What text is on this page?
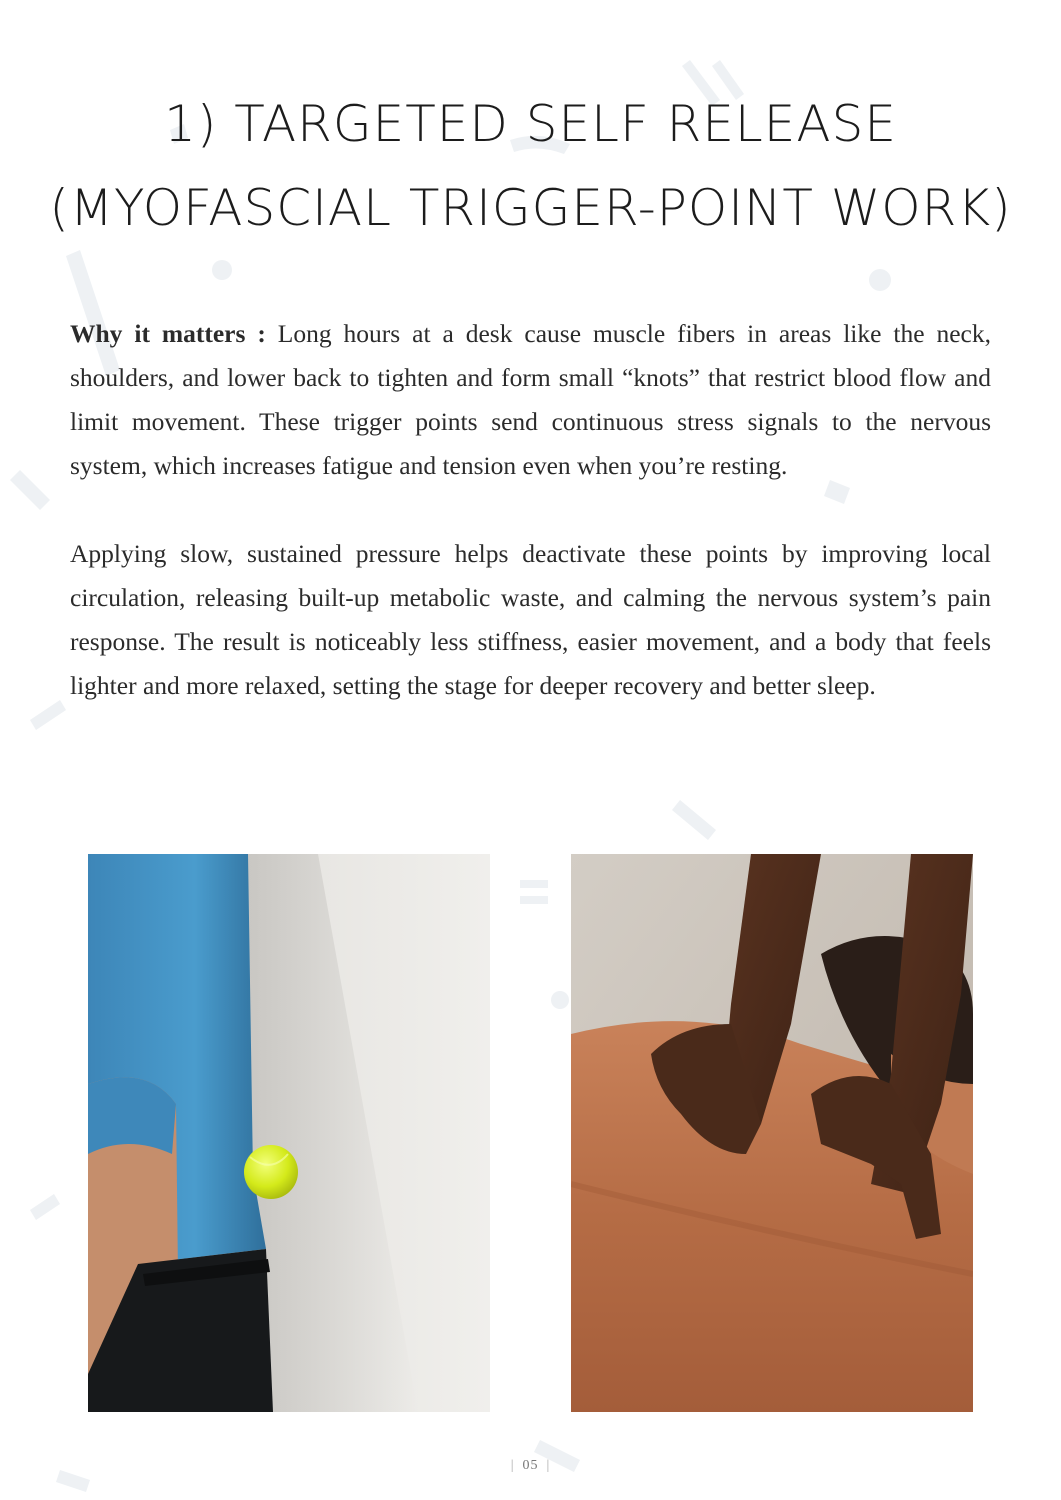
1) TARGETED SELF RELEASE
(MYOFASCIAL TRIGGER-POINT WORK)

Why it matters : Long hours at a desk cause muscle fibers in areas like the neck, shoulders, and lower back to tighten and form small “knots” that restrict blood flow and limit movement. These trigger points send continuous stress signals to the nervous system, which increases fatigue and tension even when you’re resting.

Applying slow, sustained pressure helps deactivate these points by improving local circulation, releasing built-up metabolic waste, and calming the nervous system’s pain response. The result is noticeably less stiffness, easier movement, and a body that feels lighter and more relaxed, setting the stage for deeper recovery and better sleep.

| 05 |
